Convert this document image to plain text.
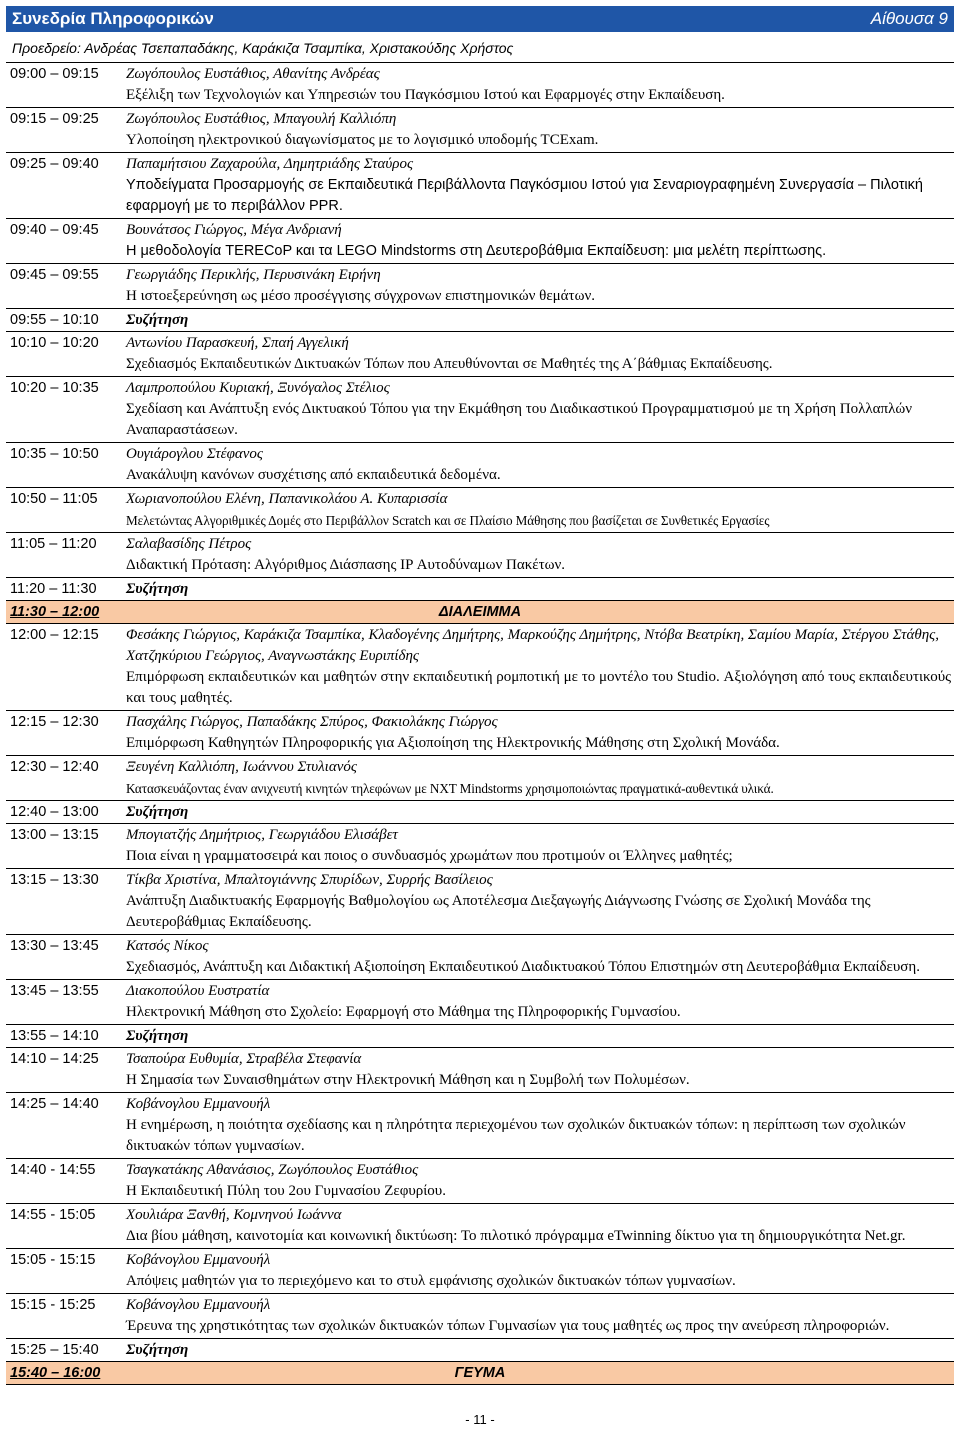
Συνεδρία Πληροφορικών	Αίθουσα 9
Προεδρείο: Ανδρέας Τσεπαπαδάκης, Καράκιζα Τσαμπίκα, Χριστακούδης Χρήστος
09:00 – 09:15	Ζωγόπουλος Ευστάθιος, Αθανίτης Ανδρέας
Εξέλιξη των Τεχνολογιών και Υπηρεσιών του Παγκόσμιου Ιστού και Εφαρμογές στην Εκπαίδευση.

09:15 – 09:25	Ζωγόπουλος Ευστάθιος, Μπαγουλή Καλλιόπη
Υλοποίηση ηλεκτρονικού διαγωνίσματος με το λογισμικό υποδομής TCExam.

09:25 – 09:40	Παπαμήτσιου Ζαχαρούλα, Δημητριάδης Σταύρος
Υποδείγματα Προσαρμογής σε Εκπαιδευτικά Περιβάλλοντα Παγκόσμιου Ιστού για Σεναριογραφημένη Συνεργασία – Πιλοτική εφαρμογή με το περιβάλλον PPR.

09:40 – 09:45	Βουνάτσος Γιώργος, Μέγα Ανδριανή
Η μεθοδολογία TERECoP και τα LEGO Mindstorms στη Δευτεροβάθμια Εκπαίδευση: μια μελέτη περίπτωσης.

09:45 – 09:55	Γεωργιάδης Περικλής, Περυσινάκη Ειρήνη
Η ιστοεξερεύνηση ως μέσο προσέγγισης σύγχρονων επιστημονικών θεμάτων.

09:55 – 10:10	Συζήτηση

10:10 – 10:20	Αντωνίου Παρασκευή, Σπαή Αγγελική
Σχεδιασμός Εκπαιδευτικών Δικτυακών Τόπων που Απευθύνονται σε Μαθητές της Α΄βάθμιας Εκπαίδευσης.

10:20 – 10:35	Λαμπροπούλου Κυριακή, Ξυνόγαλος Στέλιος
Σχεδίαση και Ανάπτυξη ενός Δικτυακού Τόπου για την Εκμάθηση του Διαδικαστικού Προγραμματισμού με τη Χρήση Πολλαπλών Αναπαραστάσεων.

10:35 – 10:50	Ουγιάρογλου Στέφανος
Ανακάλυψη κανόνων συσχέτισης από εκπαιδευτικά δεδομένα.

10:50 – 11:05	Χωριανοπούλου Ελένη, Παπανικολάου Α. Κυπαρισσία
Μελετώντας Αλγοριθμικές Δομές στο Περιβάλλον Scratch και σε Πλαίσιο Μάθησης που βασίζεται σε Συνθετικές Εργασίες

11:05 – 11:20	Σαλαβασίδης Πέτρος
Διδακτική Πρόταση: Αλγόριθμος Διάσπασης IP Αυτοδύναμων Πακέτων.

11:20 – 11:30	Συζήτηση

11:30 – 12:00	ΔΙΑΛΕΙΜΜΑ
12:00 – 12:15	Φεσάκης Γιώργιος, Καράκιζα Τσαμπίκα, Κλαδογένης Δημήτρης, Μαρκούζης Δημήτρης, Ντόβα Βεατρίκη, Σαμίου Μαρία, Στέργου Στάθης, Χατζηκύριου Γεώργιος, Αναγνωστάκης Ευριπίδης
Επιμόρφωση εκπαιδευτικών και μαθητών στην εκπαιδευτική ρομποτική με το μοντέλο του Studio. Αξιολόγηση από τους εκπαιδευτικούς και τους μαθητές.

12:15 – 12:30	Πασχάλης Γιώργος, Παπαδάκης Σπύρος, Φακιολάκης Γιώργος
Επιμόρφωση Καθηγητών Πληροφορικής για Αξιοποίηση της Ηλεκτρονικής Μάθησης στη Σχολική Μονάδα.

12:30 – 12:40	Ξευγένη Καλλιόπη, Ιωάννου Στυλιανός
Κατασκευάζοντας έναν ανιχνευτή κινητών τηλεφώνων με NXT Mindstorms χρησιμοποιώντας πραγματικά-αυθεντικά υλικά.

12:40 – 13:00	Συζήτηση

13:00 – 13:15	Μπογιατζής Δημήτριος, Γεωργιάδου Ελισάβετ
Ποια είναι η γραμματοσειρά και ποιος ο συνδυασμός χρωμάτων που προτιμούν οι Έλληνες μαθητές;

13:15 – 13:30	Τίκβα Χριστίνα, Μπαλτογιάννης Σπυρίδων, Συρρής Βασίλειος
Ανάπτυξη Διαδικτυακής Εφαρμογής Βαθμολογίου ως Αποτέλεσμα Διεξαγωγής Διάγνωσης Γνώσης σε Σχολική Μονάδα της Δευτεροβάθμιας Εκπαίδευσης.

13:30 – 13:45	Κατσός Νίκος
Σχεδιασμός, Ανάπτυξη και Διδακτική Αξιοποίηση Εκπαιδευτικού Διαδικτυακού Τόπου Επιστημών στη Δευτεροβάθμια Εκπαίδευση.

13:45 – 13:55	Διακοπούλου Ευστρατία
Ηλεκτρονική Μάθηση στο Σχολείο: Εφαρμογή στο Μάθημα της Πληροφορικής Γυμνασίου.

13:55 – 14:10	Συζήτηση

14:10 – 14:25	Τσαπούρα Ευθυμία, Στραβέλα Στεφανία
Η Σημασία των Συναισθημάτων στην Ηλεκτρονική Μάθηση και η Συμβολή των Πολυμέσων.

14:25 – 14:40	Κοβάνογλου Εμμανουήλ
Η ενημέρωση, η ποιότητα σχεδίασης και η πληρότητα περιεχομένου των σχολικών δικτυακών τόπων: η περίπτωση των σχολικών δικτυακών τόπων γυμνασίων.

14:40 - 14:55	Τσαγκατάκης Αθανάσιος, Ζωγόπουλος Ευστάθιος
Η Εκπαιδευτική Πύλη του 2ου Γυμνασίου Ζεφυρίου.

14:55 - 15:05	Χουλιάρα Ξανθή, Κομνηνού Ιωάννα
Δια βίου μάθηση, καινοτομία και κοινωνική δικτύωση: Το πιλοτικό πρόγραμμα eTwinning δίκτυο για τη δημιουργικότητα Net.gr.

15:05 - 15:15	Κοβάνογλου Εμμανουήλ
Απόψεις μαθητών για το περιεχόμενο και το στυλ εμφάνισης σχολικών δικτυακών τόπων γυμνασίων.

15:15 - 15:25	Κοβάνογλου Εμμανουήλ
Έρευνα της χρηστικότητας των σχολικών δικτυακών τόπων Γυμνασίων για τους μαθητές ως προς την ανεύρεση πληροφοριών.

15:25 – 15:40	Συζήτηση

15:40 – 16:00	ΓΕΥΜΑ
- 11 -
